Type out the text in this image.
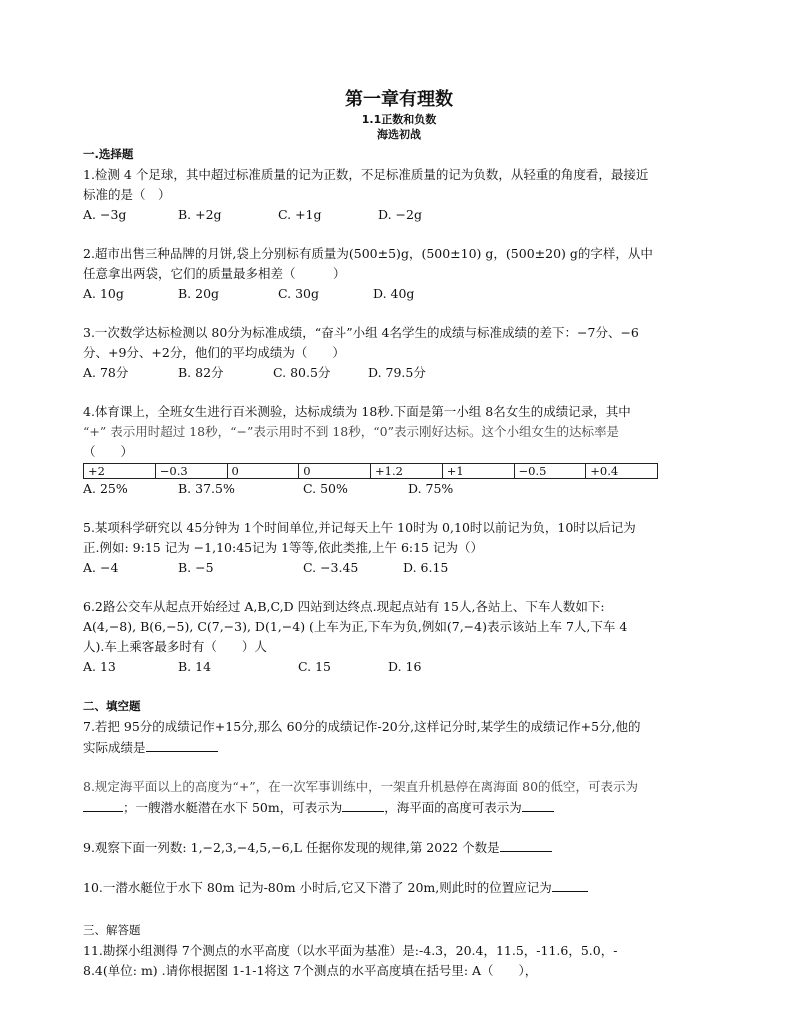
第一章有理数
1.1正数和负数
海选初战
一.选择题

1.检测 4 个足球，其中超过标准质量的记为正数，不足标准质量的记为负数，从轻重的角度看，最接近

标准的是（　）

A. −3g	B. +2g	C. +1g	D. −2g

2.超市出售三种品牌的月饼,袋上分别标有质量为(500±5)g，(500±10) g，(500±20) g的字样，从中

任意拿出两袋，它们的质量最多相差（　　　）

A. 10g	B. 20g	C. 30g	D. 40g

3.一次数学达标检测以 80分为标准成绩，“奋斗”小组 4名学生的成绩与标准成绩的差下：−7分、−6

分、+9分、+2分，他们的平均成绩为（　　）

A. 78分	B. 82分	C. 80.5分	D. 79.5分

4.体育课上，全班女生进行百米测验，达标成绩为 18秒.下面是第一小组 8名女生的成绩记录，其中

“+” 表示用时超过 18秒，“−”表示用时不到 18秒，“0”表示刚好达标。这个小组女生的达标率是

（　　）

+2	−0.3	0	0	+1.2	+1	−0.5	+0.4
A. 25%	B. 37.5%	C. 50%	D. 75%

5.某项科学研究以 45分钟为 1个时间单位,并记每天上午 10时为 0,10时以前记为负，10时以后记为

正.例如: 9:15 记为 −1,10:45记为 1等等,依此类推,上午 6:15 记为（）

A. −4	B. −5	C. −3.45	D. 6.15

6.2路公交车从起点开始经过 A,B,C,D 四站到达终点.现起点站有 15人,各站上、下车人数如下:

A(4,−8), B(6,−5), C(7,−3), D(1,−4) (上车为正,下车为负,例如(7,−4)表示该站上车 7人,下车 4

人).车上乘客最多时有（　　）人

A. 13	B. 14	C. 15	D. 16
二、填空题

7.若把 95分的成绩记作+15分,那么 60分的成绩记作-20分,这样记分时,某学生的成绩记作+5分,他的

实际成绩是

8.规定海平面以上的高度为“+”，在一次军事训练中，一架直升机悬停在离海面 80的低空，可表示为

；一艘潜水艇潜在水下 50m，可表示为	，海平面的高度可表示为

9.观察下面一列数: 1,−2,3,−4,5,−6,L 任据你发现的规律,第 2022 个数是

10.一潜水艇位于水下 80m 记为-80m 小时后,它又下潜了 20m,则此时的位置应记为

三、解答题

11.勘探小组测得 7个测点的水平高度（以水平面为基准）是:-4.3，20.4，11.5，-11.6，5.0，-

8.4(单位: m) .请你根据图 1-1-1将这 7个测点的水平高度填在括号里: A（　　），
